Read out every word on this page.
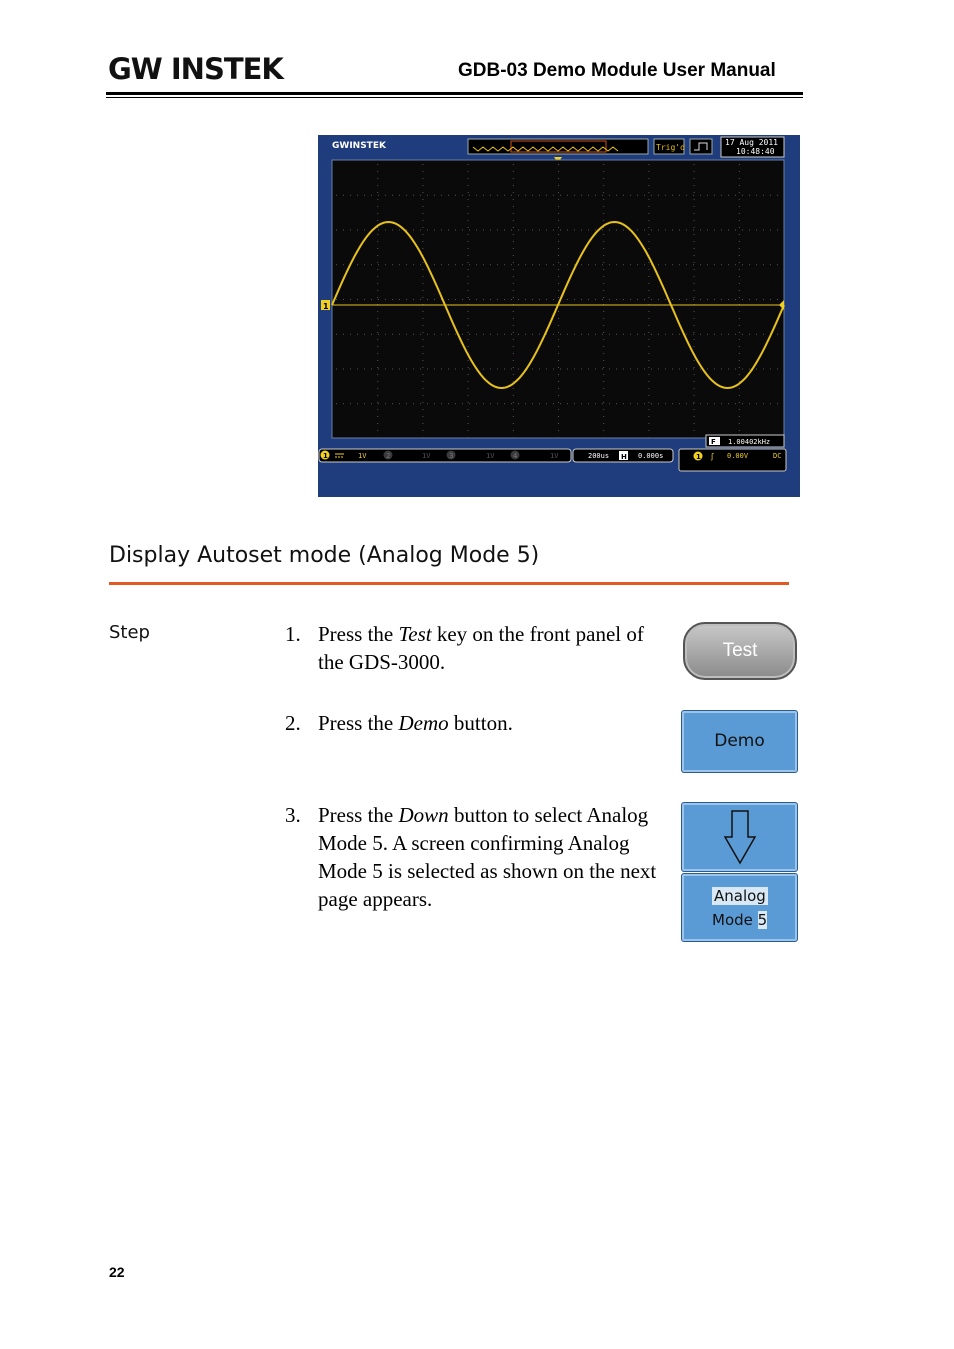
GW INSTEK	GDB-03 Demo Module User Manual
GWINSTEK	Trig'd
17 Aug 2011
10:48:40
1
F 1.00402kHz
1	1V	2	1V	3	1V	4	1V	200us H 0.000s	1 ʃ 0.00V	DC
Display Autoset mode (Analog Mode 5)
Step	1. Press the Test key on the front panel of the GDS-3000.
2. Press the Demo button.
3. Press the Down button to select Analog Mode 5. A screen confirming Analog Mode 5 is selected as shown on the next page appears.
Test
Demo
Analog
Mode 5
22
